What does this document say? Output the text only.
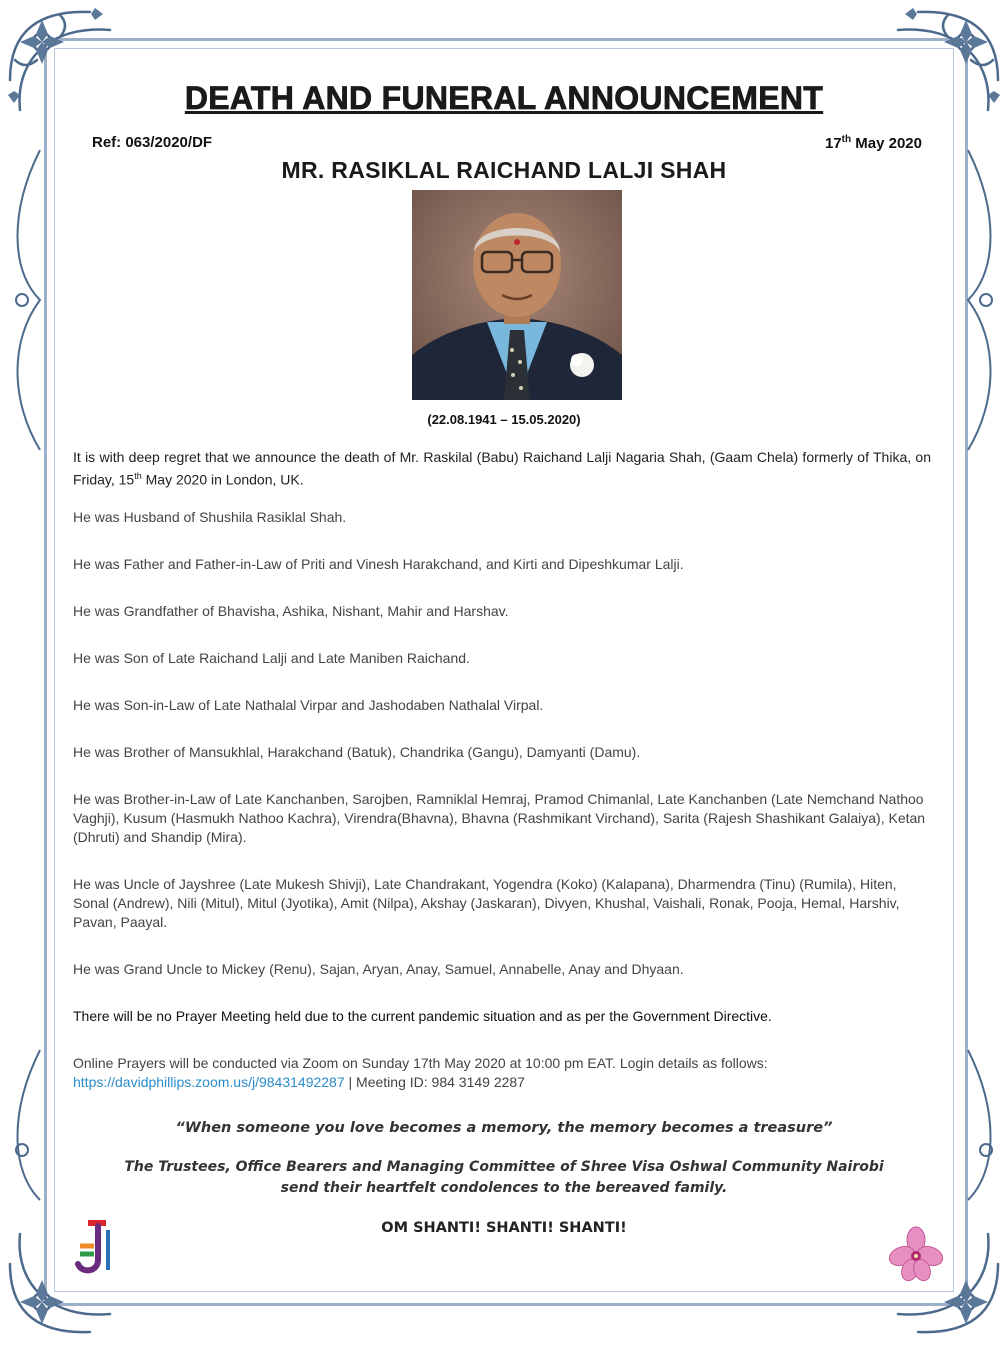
DEATH AND FUNERAL ANNOUNCEMENT
Ref: 063/2020/DF	17th May 2020
MR. RASIKLAL RAICHAND LALJI SHAH
(22.08.1941 – 15.05.2020)

It is with deep regret that we announce the death of Mr. Raskilal (Babu) Raichand Lalji Nagaria Shah, (Gaam Chela) formerly of Thika, on Friday, 15th May 2020 in London, UK.

He was Husband of Shushila Rasiklal Shah.

He was Father and Father-in-Law of Priti and Vinesh Harakchand, and Kirti and Dipeshkumar Lalji.

He was Grandfather of Bhavisha, Ashika, Nishant, Mahir and Harshav.

He was Son of Late Raichand Lalji and Late Maniben Raichand.

He was Son-in-Law of Late Nathalal Virpar and Jashodaben Nathalal Virpal.

He was Brother of Mansukhlal, Harakchand (Batuk), Chandrika (Gangu), Damyanti (Damu).

He was Brother-in-Law of Late Kanchanben, Sarojben, Ramniklal Hemraj, Pramod Chimanlal, Late Kanchanben (Late Nemchand Nathoo Vaghji), Kusum (Hasmukh Nathoo Kachra), Virendra(Bhavna), Bhavna (Rashmikant Virchand), Sarita (Rajesh Shashikant Galaiya), Ketan (Dhruti) and Shandip (Mira).

He was Uncle of Jayshree (Late Mukesh Shivji), Late Chandrakant, Yogendra (Koko) (Kalapana), Dharmendra (Tinu) (Rumila), Hiten, Sonal (Andrew), Nili (Mitul), Mitul (Jyotika), Amit (Nilpa), Akshay (Jaskaran), Divyen, Khushal, Vaishali, Ronak, Pooja, Hemal, Harshiv, Pavan, Paayal.

He was Grand Uncle to Mickey (Renu), Sajan, Aryan, Anay, Samuel, Annabelle, Anay and Dhyaan.

There will be no Prayer Meeting held due to the current pandemic situation and as per the Government Directive.

Online Prayers will be conducted via Zoom on Sunday 17th May 2020 at 10:00 pm EAT. Login details as follows:
https://davidphillips.zoom.us/j/98431492287 | Meeting ID: 984 3149 2287

“When someone you love becomes a memory, the memory becomes a treasure”
The Trustees, Office Bearers and Managing Committee of Shree Visa Oshwal Community Nairobi
send their heartfelt condolences to the bereaved family.
OM SHANTI! SHANTI! SHANTI!
